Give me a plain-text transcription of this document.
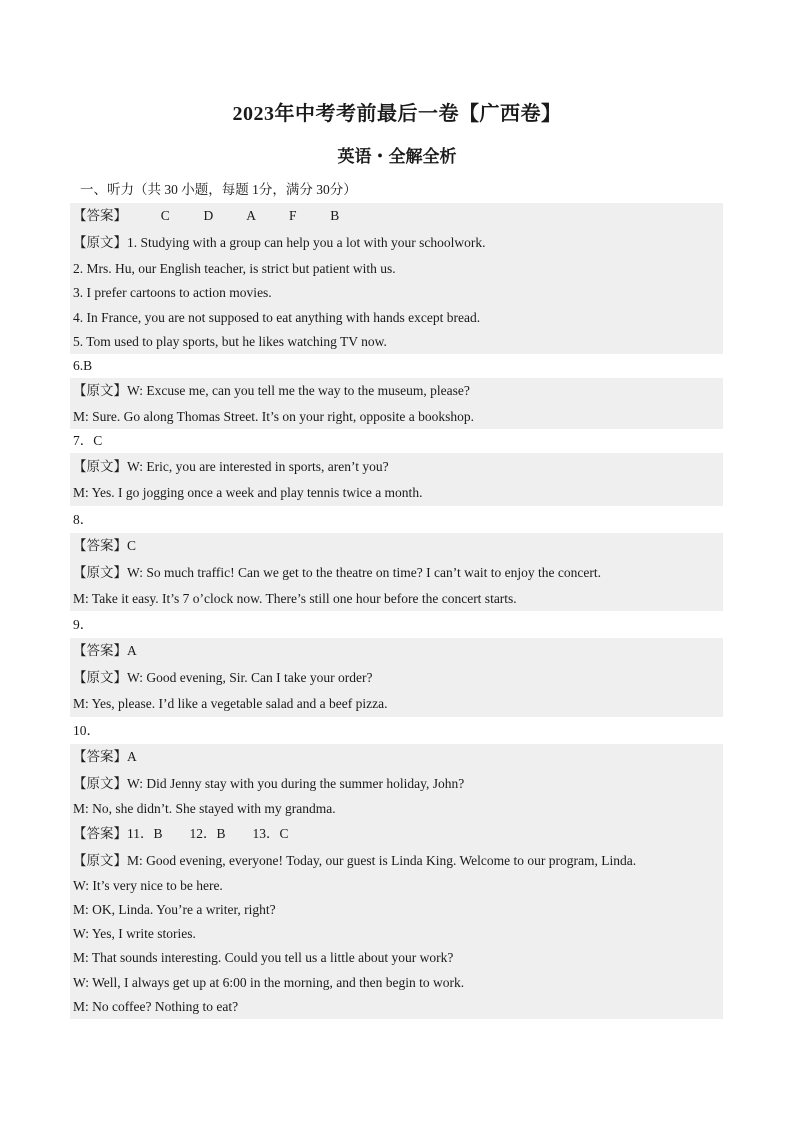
2023年中考考前最后一卷【广西卷】
英语・全解全析
一、听力（共 30 小题，每题 1分，满分 30分）
【答案】          C          D          A          F          B
【原文】1. Studying with a group can help you a lot with your schoolwork.
2. Mrs. Hu, our English teacher, is strict but patient with us.
3. I prefer cartoons to action movies.
4. In France, you are not supposed to eat anything with hands except bread.
5. Tom used to play sports, but he likes watching TV now.
6.B
【原文】W: Excuse me, can you tell me the way to the museum, please?
M: Sure. Go along Thomas Street. It’s on your right, opposite a bookshop.
7．C
【原文】W: Eric, you are interested in sports, aren’t you?
M: Yes. I go jogging once a week and play tennis twice a month.
8．
【答案】C
【原文】W: So much traffic! Can we get to the theatre on time? I can’t wait to enjoy the concert.
M: Take it easy. It’s 7 o’clock now. There’s still one hour before the concert starts.
9．
【答案】A
【原文】W: Good evening, Sir. Can I take your order?
M: Yes, please. I’d like a vegetable salad and a beef pizza.
10．
【答案】A
【原文】W: Did Jenny stay with you during the summer holiday, John?
M: No, she didn’t. She stayed with my grandma.
【答案】11．B        12．B        13．C
【原文】M: Good evening, everyone! Today, our guest is Linda King. Welcome to our program, Linda.
W: It’s very nice to be here.
M: OK, Linda. You’re a writer, right?
W: Yes, I write stories.
M: That sounds interesting. Could you tell us a little about your work?
W: Well, I always get up at 6:00 in the morning, and then begin to work.
M: No coffee? Nothing to eat?
